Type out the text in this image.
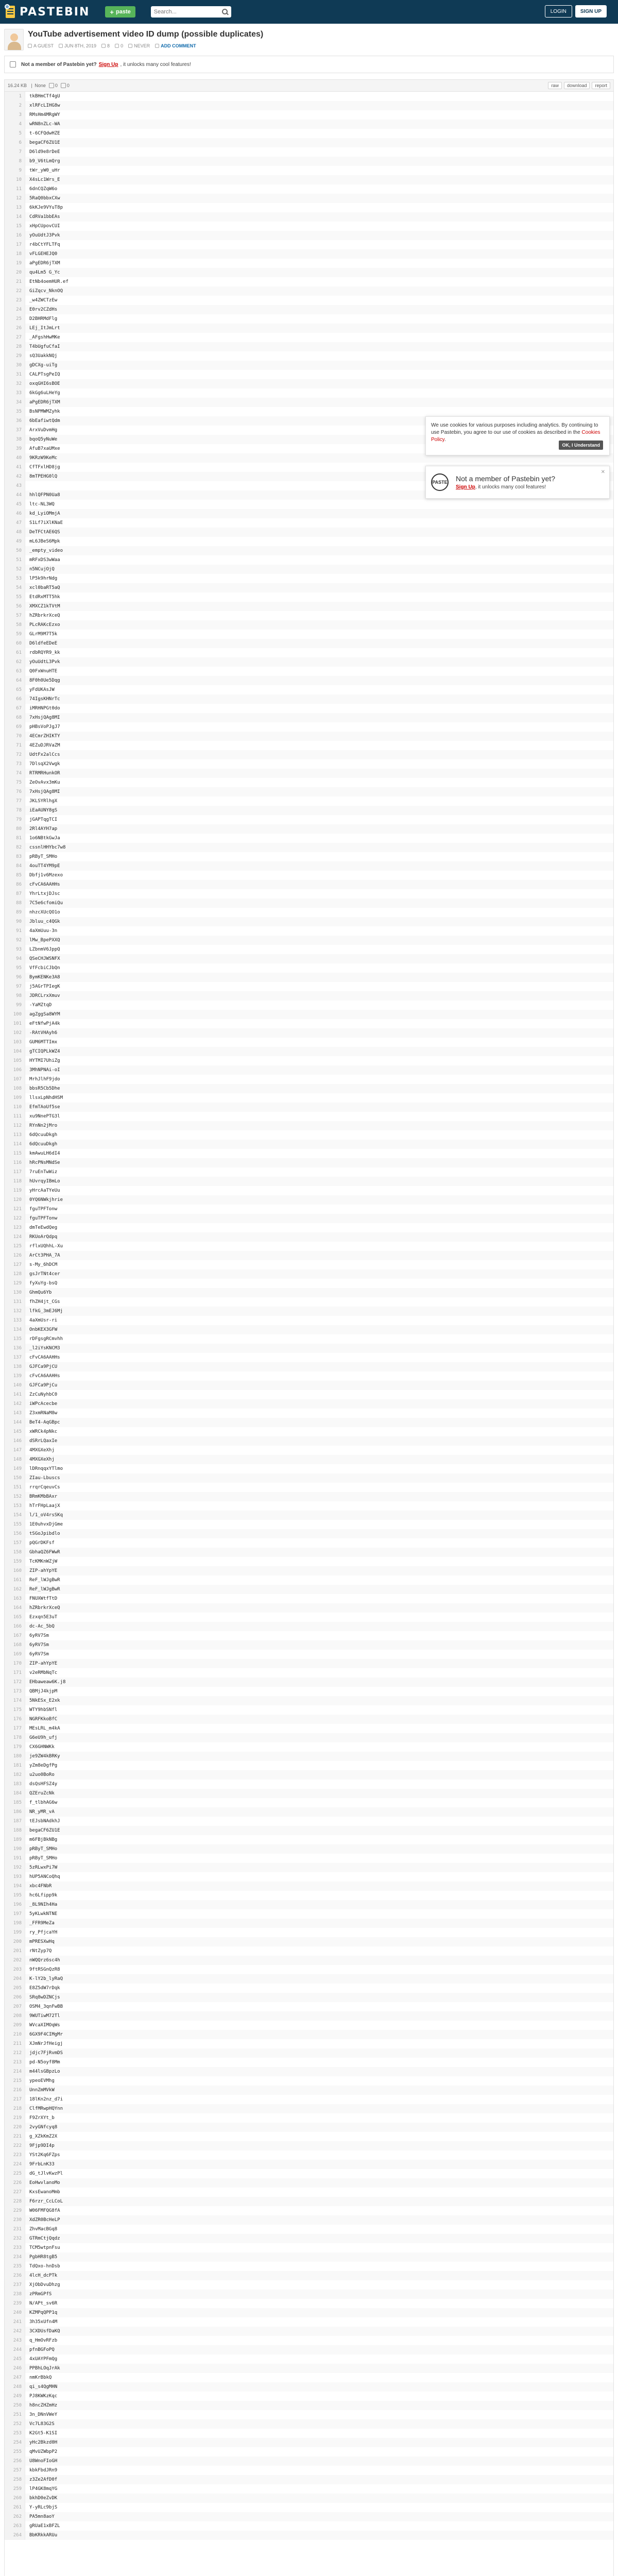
PASTEBIN	+ paste
Search...	LOGIN	SIGN UP
YouTube advertisement video ID dump (possible duplicates)
A GUEST	JUN 8TH, 2019	8	0	NEVER	ADD COMMENT
Not a member of Pastebin yet? Sign Up , it unlocks many cool features!
16.24 KB | None 0 0	raw	download	report
1	tkBHmCTf4gU
2	xlRFcLIHG8w
3	RMsHm4MRgWY
4	wRN8nZLc-WA
5	t-6CFQdwHZE
6	begaCF6ZU1E
7	D6ld9e8rDeE
8	b9_V6tLmQrg
9	tWr_yW0_uHr
10	X4sLc1Wrs_E
11	6dnCQZqW6o
12	5RaQ0bbxCXw
13	6kKJe9VYuT8p
14	CdRVa1bbEAs
15	xHpCUpovCUI
16	yOuUdtJ3Pvk
17	r4bCtYFLTFq
18	vFLGEHEJQ0
19	aPgEDR6jTXM
20	qu4Lm5 G_Yc
21	EtNb4oemHUR.ef
22	GiZqcv_NknOQ
23	_w4ZWCTzEw
24	E0rv2CZdHs
25	D2BHRMdFlg
26	LEj_ItJmLrt
27	_AFgshHwMKe
28	T4bUgfuCfaI
29	sQ3UakkNQj
30	gDCXg-uiTg
31	CALPTsgPeIQ
32	oxqGHI6sBOE
33	6kGg6uLHeYg
34	aPgEDR6jTXM
35	BsNPMWMZyhk
36	6bEafiwtQdm
37	ArxVuDvmHg
38	bqoQ5yNuWe
39	AfuB7xaUMxe
40	9KRzW9KeMc
41	CfTFxlHD8jg
42	8mTPEHG0lQ
43
44	hhlQFPN0Ua8
45	ltc-NL3WQ
46	kd_LyiOMmjA
47	S1Lf7iXlKNaE
48	DeTFCtAE6QS
49	mL6JBeS6Mpk
50	_empty_video
51	mRFxDS3wWaa
52	n5NCujOjQ
53	lP5k9hrNdg
54	xcl0baRT5aQ
55	EtdRxMTT5hk
56	XMXCZ1kTVtM
57	hZRbrkrXceQ
58	PLcRAKcEzxo
59	GLrM9M7T5k
60	D6ldfeEDeE
61	rdbRQYR9_kk
62	yOuUdtL3Pvk
63	Q0FxWnuHTE
64	8F0h0Ue5Dqg
65	yFdUKAsJW
66	74IgsKHNrTc
67	iMRHNPGt0do
68	7xHsjQAg8MI
69	pHBsVoPJgJ7
70	4ECmrZHIKTY
71	4EZuDJRVaZM
72	UdtFx2alCcs
73	7DlsqX2Vwgk
74	RTRMRHunkOR
75	ZeOvAvx3mKu
76	7xHsjQAg8MI
77	JKLSYRlhgX
78	iEaAUNY8gS
79	jGAPTqgTCI
80	2Rl4AYH7ap
81	1o6NBtkGwJa
82	cssnlHHYbc7w8
83	pRByT_SMHo
84	4ouTT4YM9pE
85	Dbfj1v6Mzexo
86	cFvCA6AAHHs
87	YhrLtxjDJsc
88	7C5e6cfomiQu
89	nhzcXUcQO1o
90	Jbluu_c4QGk
91	4aXmUuu-3n
92	lMw_BpePXXQ
93	LZbnmV6JppQ
94	QSeCHJWSNFX
95	VfFcbiCJbQn
96	BymKENKe3A8
97	j5AGrTPIegK
98	JDRCLrxXmuv
99	-YaMZtqD
100	agZggSa8WYM
101	eFtNfwPjA4k
102	-RAtVHAyh6
103	GUM6MTTImx
104	gTCIQPLkWZ4
105	HYTMI7UhiZg
106	3MhNPNAi-oI
107	MrhJlhF9jdo
108	bbsR5Cb5Dhe
109	llsxLpNhdHSM
110	EfmTAoUf5se
111	xu9NnePTG3l
112	RYnNn2jMro
113	6dQcuuDkgh
114	6dQcuuDkgh
115	kmAwuLH6dI4
116	hRcPNsMNdSe
117	7ruEnTwWiz
118	hUvrqyIBmLo
119	yHrcAaTYeUu
120	0YQ6NWkjhrie
121	fguTPFTonw
122	fguTPFTonw
123	dmTeEwdQeg
124	RKUoArQdpq
125	rflxUQhhL-Xu
126	ArCt3PHA_7A
127	s-My_6hDCM
128	gsJrTNt4cer
129	fyXuYg-bsQ
130	GhmQu6Yb
131	fhZH4jt_CGs
132	lfkG_3mEJ6Mj
133	4aXmUsr-ri
134	OnbKEX3GFW
135	rDFgsgRCmvhh
136	_l2iYsKNCM3
137	cFvCA6AAHHs
138	GJFCa9PjCU
139	cFvCA6AAHHs
140	GJFCa9PjCu
141	ZzCuNyhbC0
142	iWPcAcecbe
143	Z3xmRNaM8w
144	BeT4-AqGBpc
145	xWRCk4pNkc
146	dSRrLQaxIe
147	4MXGXeXhj
148	4MXGXeXhj
149	lDRnqqxYTlmo
150	ZIau-Lbuscs
151	rrqrCqeuvCs
152	BRmKMbBAxr
153	hTrFHpLaajX
154	l/1_oV4rsSKq
155	1E0uhvxDjGme
156	tSGoJpibdlo
157	pQGrDKFsf
158	GbhaQZ6FWwR
159	TcKMKnWZjW
160	ZIP-ahYpYE
161	ReF_lWJgBwR
162	ReF_lWJgBwR
163	FNUXWtfTtD
164	hZRbrkrXceQ
165	Ezxqn5E3uT
166	dc-Ac_5bQ
167	6yRV7Sm
168	6yRV7Sm
169	6yRV7Sm
170	ZIP-ahYpYE
171	v2eRMbNqTc
172	EHbaweaw6K.j8
173	QBMjJ4kjpM
174	5NkESx_E2xk
175	WTY9hbSNfl
176	NGRFKkoBfC
177	MEsLRL_m4kA
178	G6eU9h_ufj
179	CX6GHNWKk
180	je9ZW4kBRKy
181	yZm8eDgfPg
182	u2uo0BoRo
183	dsQsHFSZ4y
184	QZEruZcNk
185	f_tlbhAG6w
186	NR_yMR_vA
187	tEJsbNAdkhJ
188	begaCF6ZU1E
189	m6FBjBkNBg
190	pRByT_SMHo
191	pRByT_SMHo
192	5zRLwxPi7W
193	hUP5ANCoQhq
194	xbc4FNbR
195	hc6Lfipp9k
196	_8L9NIh4Ha
197	5yKLwkNTNE
198	_FFR9MeZa
199	ry_PfjcaYH
200	mPRESXwHq
201	rNtZyp7Q
202	nWQQrz6sc4h
203	9ftRSGnQzR8
204	K-lY2b_lyRaQ
205	E8Z5dW7rDqk
206	SRq8wDZNCjs
207	OSM4_3qnFwBB
208	9WUTiwM72Tl
209	WVcaXIMOqWs
210	6GX9F4CIMgMr
211	XJmNrJfHeigj
212	jdjc7FjRvmDS
213	pd-N5oyf8Mm
214	m44lsGBpzLo
215	ypeoEVMhg
216	UnnZmMVkW
217	18lKn2nz_d7i
218	ClfMRwpHQYnn
219	F9ZrXYt_b
220	2vyGNfcyq8
221	g_XZkKmZ2X
222	9Fjp9DI4p
223	YSt2Kq6FZps
224	9FrbLnK33
225	dG_tJlvKwzPl
226	EoHwvlanoMo
227	KxsEwanoMmb
228	F6rzr_CcLCoL
229	W06FMFQG8fA
230	XdZR0BcHeLP
231	ZhvMacBGq8
232	GTRmCtjQqdz
233	TCM5wtpnFsu
234	PgbHR8tgB5
235	TdQxo-hnDsb
236	4lcH_dcPTk
237	XjObDvuDhzg
238	zPRmGPfS
239	N/APt_sv6R
240	KZMPqQPP1q
241	3h35xUfn4M
242	3CXDUsfDaKQ
243	q_HmOvRFzb
244	pfnBGFoPQ
245	4xUAYPFmQg
246	PPBhLOqJrAk
247	nmKrBbkQ
248	qi_s4QgMHN
249	PJ8KWKzKqc
250	h8ncZHZmHz
251	3n_DNnVWeY
252	Vc7L83G2S
253	K2Gt5-K1SI
254	yHc2Bkzd0H
255	qMvUZWbpP2
256	U8WnoFIoGH
257	kbkFbdJRn9
258	z3Ze2AfD0f
259	lP4GK8mqYG
260	bkhD0eZvDK
261	Y-yRLc9bjS
262	PA5mn8aoY
263	gRUaE1xBFZL
264	BbKRkkARUu
We use cookies for various purposes including analytics. By continuing to use Pastebin, you agree to our use of cookies as described in the Cookies Policy.
OK, I Understand
PASTE Not a member of Pastebin yet?
Sign Up, it unlocks many cool features!
✕
